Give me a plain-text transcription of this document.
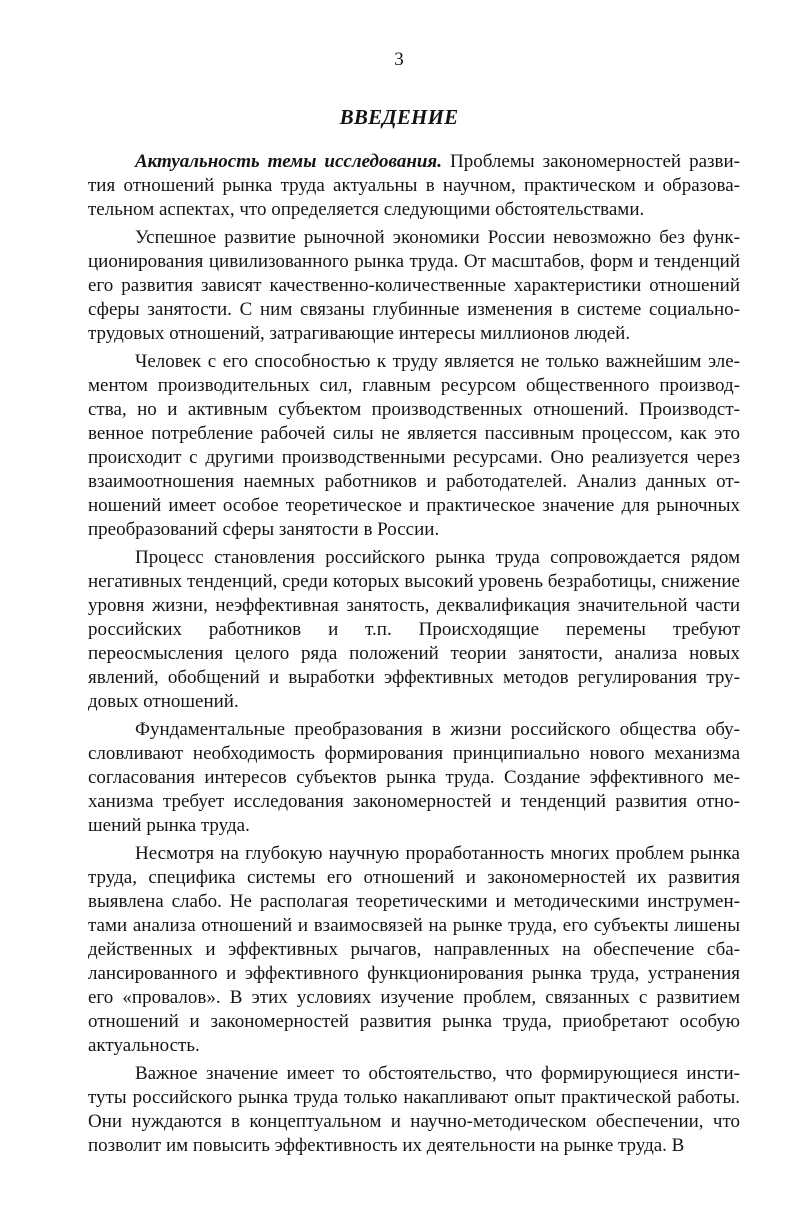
3
ВВЕДЕНИЕ

Актуальность темы исследования. Проблемы закономерностей развития отношений рынка труда актуальны в научном, практическом и образовательном аспектах, что определяется следующими обстоятельствами.

Успешное развитие рыночной экономики России невозможно без функционирования цивилизованного рынка труда. От масштабов, форм и тенденций его развития зависят качественно-количественные характеристики отношений сферы занятости. С ним связаны глубинные изменения в системе социально-трудовых отношений, затрагивающие интересы миллионов людей.

Человек с его способностью к труду является не только важнейшим элементом производительных сил, главным ресурсом общественного производства, но и активным субъектом производственных отношений. Производственное потребление рабочей силы не является пассивным процессом, как это происходит с другими производственными ресурсами. Оно реализуется через взаимоотношения наемных работников и работодателей. Анализ данных отношений имеет особое теоретическое и практическое значение для рыночных преобразований сферы занятости в России.

Процесс становления российского рынка труда сопровождается рядом негативных тенденций, среди которых высокий уровень безработицы, снижение уровня жизни, неэффективная занятость, деквалификация значительной части российских работников и т.п. Происходящие перемены требуют переосмысления целого ряда положений теории занятости, анализа новых явлений, обобщений и выработки эффективных методов регулирования трудовых отношений.

Фундаментальные преобразования в жизни российского общества обусловливают необходимость формирования принципиально нового механизма согласования интересов субъектов рынка труда. Создание эффективного механизма требует исследования закономерностей и тенденций развития отношений рынка труда.

Несмотря на глубокую научную проработанность многих проблем рынка труда, специфика системы его отношений и закономерностей их развития выявлена слабо. Не располагая теоретическими и методическими инструментами анализа отношений и взаимосвязей на рынке труда, его субъекты лишены действенных и эффективных рычагов, направленных на обеспечение сбалансированного и эффективного функционирования рынка труда, устранения его «провалов». В этих условиях изучение проблем, связанных с развитием отношений и закономерностей развития рынка труда, приобретают особую актуальность.

Важное значение имеет то обстоятельство, что формирующиеся институты российского рынка труда только накапливают опыт практической работы. Они нуждаются в концептуальном и научно-методическом обеспечении, что позволит им повысить эффективность их деятельности на рынке труда. В
